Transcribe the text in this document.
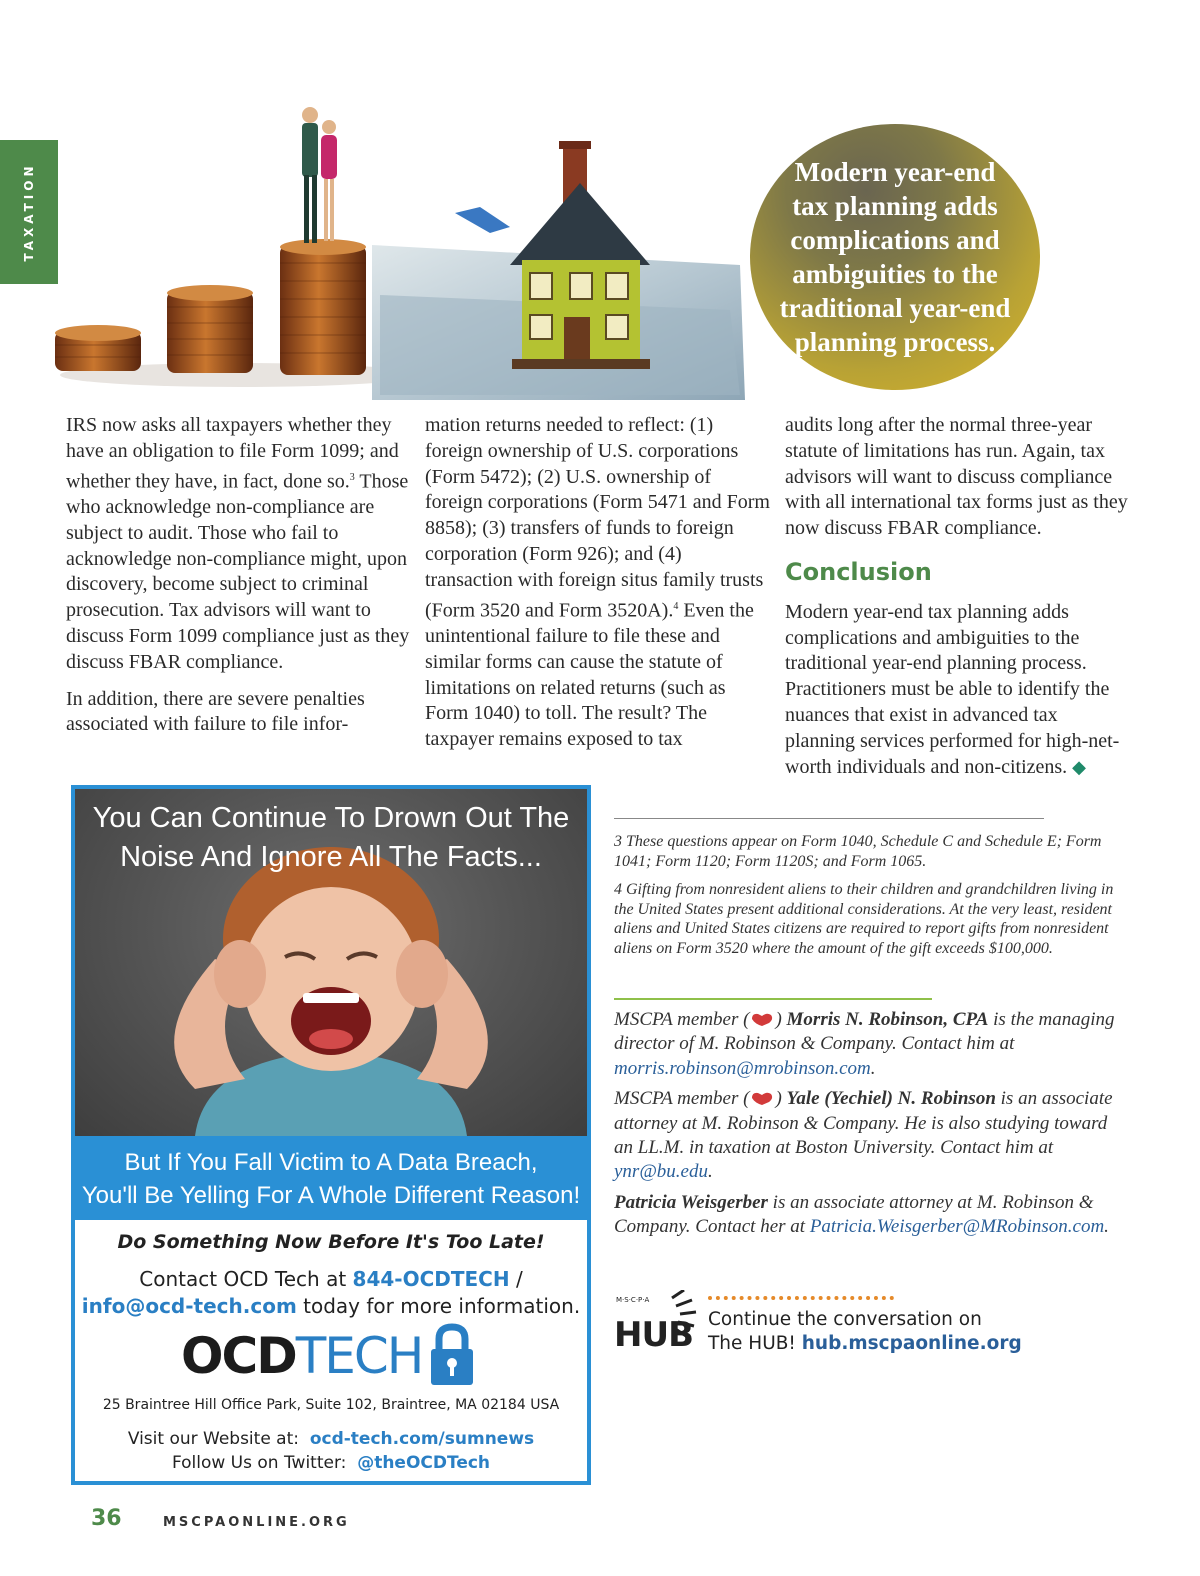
TAXATION	Modern year-end tax planning adds complications and ambiguities to the traditional year-end planning process.

IRS now asks all taxpayers whether they have an obligation to file Form 1099; and whether they have, in fact, done so.$^3$ Those who acknowledge non-compliance are subject to audit. Those who fail to acknowledge non-compliance might, upon discovery, become subject to criminal prosecution. Tax advisors will want to discuss Form 1099 compliance just as they discuss FBAR compliance.

In addition, there are severe penalties associated with failure to file infor-

mation returns needed to reflect: (1) foreign ownership of U.S. corporations (Form 5472); (2) U.S. ownership of foreign corporations (Form 5471 and Form 8858); (3) transfers of funds to foreign corporation (Form 926); and (4) transaction with foreign situs family trusts (Form 3520 and Form 3520A).$^4$ Even the unintentional failure to file these and similar forms can cause the statute of limitations on related returns (such as Form 1040) to toll. The result? The taxpayer remains exposed to tax

audits long after the normal three-year statute of limitations has run. Again, tax advisors will want to discuss compliance with all international tax forms just as they now discuss FBAR compliance.

Conclusion

Modern year-end tax planning adds complications and ambiguities to the traditional year-end planning process. Practitioners must be able to identify the nuances that exist in advanced tax planning services performed for high-net-worth individuals and non-citizens. ◆

You Can Continue To Drown Out The
Noise And Ignore All The Facts...
But If You Fall Victim to A Data Breach,
You'll Be Yelling For A Whole Different Reason!
Do Something Now Before It's Too Late!
Contact OCD Tech at 844-OCDTECH /
info@ocd-tech.com today for more information.
OCDTECH
25 Braintree Hill Office Park, Suite 102, Braintree, MA 02184 USA
Visit our Website at: ocd-tech.com/sumnews
Follow Us on Twitter: @theOCDTech

3 These questions appear on Form 1040, Schedule C and Schedule E; Form 1041; Form 1120; Form 1120S; and Form 1065.

4 Gifting from nonresident aliens to their children and grandchildren living in the United States present additional considerations. At the very least, resident aliens and United States citizens are required to report gifts from nonresident aliens on Form 3520 where the amount of the gift exceeds $100,000.

MSCPA member ( ) Morris N. Robinson, CPA is the managing director of M. Robinson & Company. Contact him at morris.robinson@mrobinson.com.

MSCPA member ( ) Yale (Yechiel) N. Robinson is an associate attorney at M. Robinson & Company. He is also studying toward an LL.M. in taxation at Boston University. Contact him at ynr@bu.edu.

Patricia Weisgerber is an associate attorney at M. Robinson & Company. Contact her at Patricia.Weisgerber@MRobinson.com.

M·S·C·P·A
HUB Continue the conversation on
The HUB! hub.mscpaonline.org
36	MSCPAONLINE.ORG
